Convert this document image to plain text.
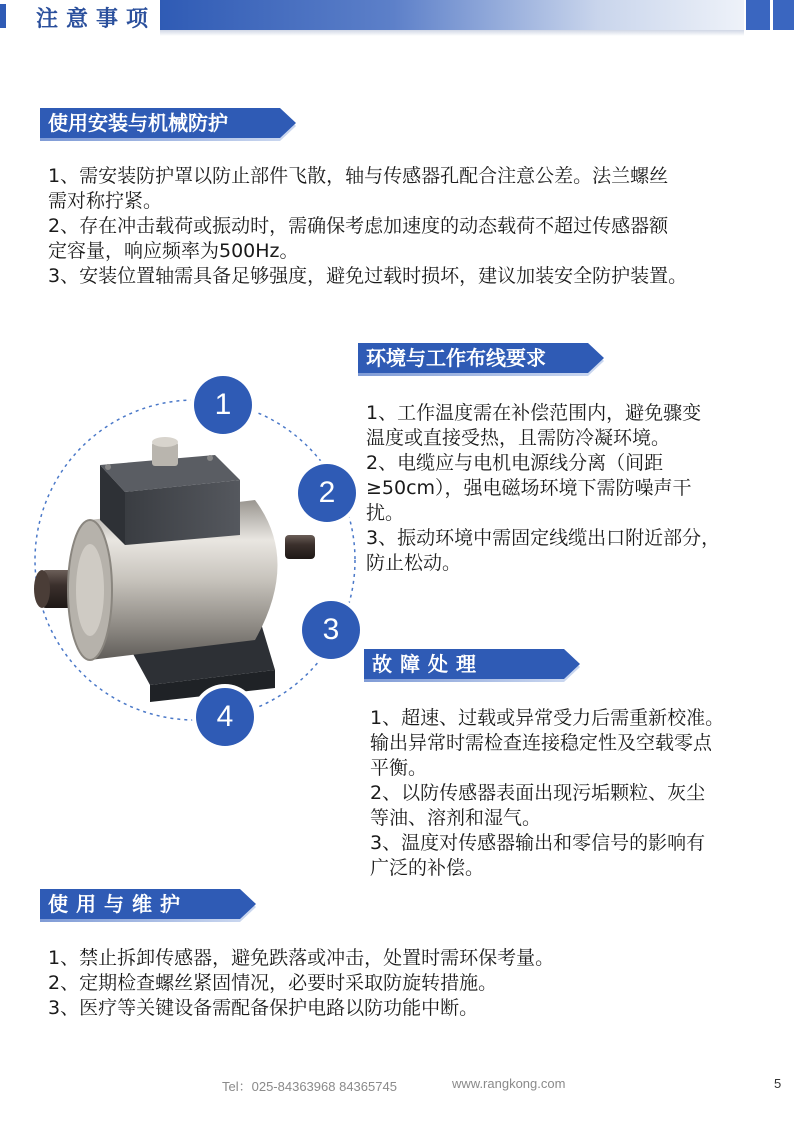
注意事项
使用安装与机械防护
1、需安装防护罩以防止部件飞散，轴与传感器孔配合注意公差。法兰螺丝
需对称拧紧。
2、存在冲击载荷或振动时，需确保考虑加速度的动态载荷不超过传感器额
定容量，响应频率为500Hz。
3、安装位置轴需具备足够强度，避免过载时损坏，建议加装安全防护装置。
1
2
3
4
环境与工作布线要求
1、工作温度需在补偿范围内，避免骤变
温度或直接受热，且需防冷凝环境。
2、电缆应与电机电源线分离（间距
≥50cm），强电磁场环境下需防噪声干
扰。
3、振动环境中需固定线缆出口附近部分，
防止松动。
故障处理
1、超速、过载或异常受力后需重新校准。
输出异常时需检查连接稳定性及空载零点
平衡。
2、以防传感器表面出现污垢颗粒、灰尘
等油、溶剂和湿气。
3、温度对传感器输出和零信号的影响有
广泛的补偿。
使用与维护
1、禁止拆卸传感器，避免跌落或冲击，处置时需环保考量。
2、定期检查螺丝紧固情况，必要时采取防旋转措施。
3、医疗等关键设备需配备保护电路以防功能中断。
Tel：025-84363968 84365745	www.rangkong.com	5
